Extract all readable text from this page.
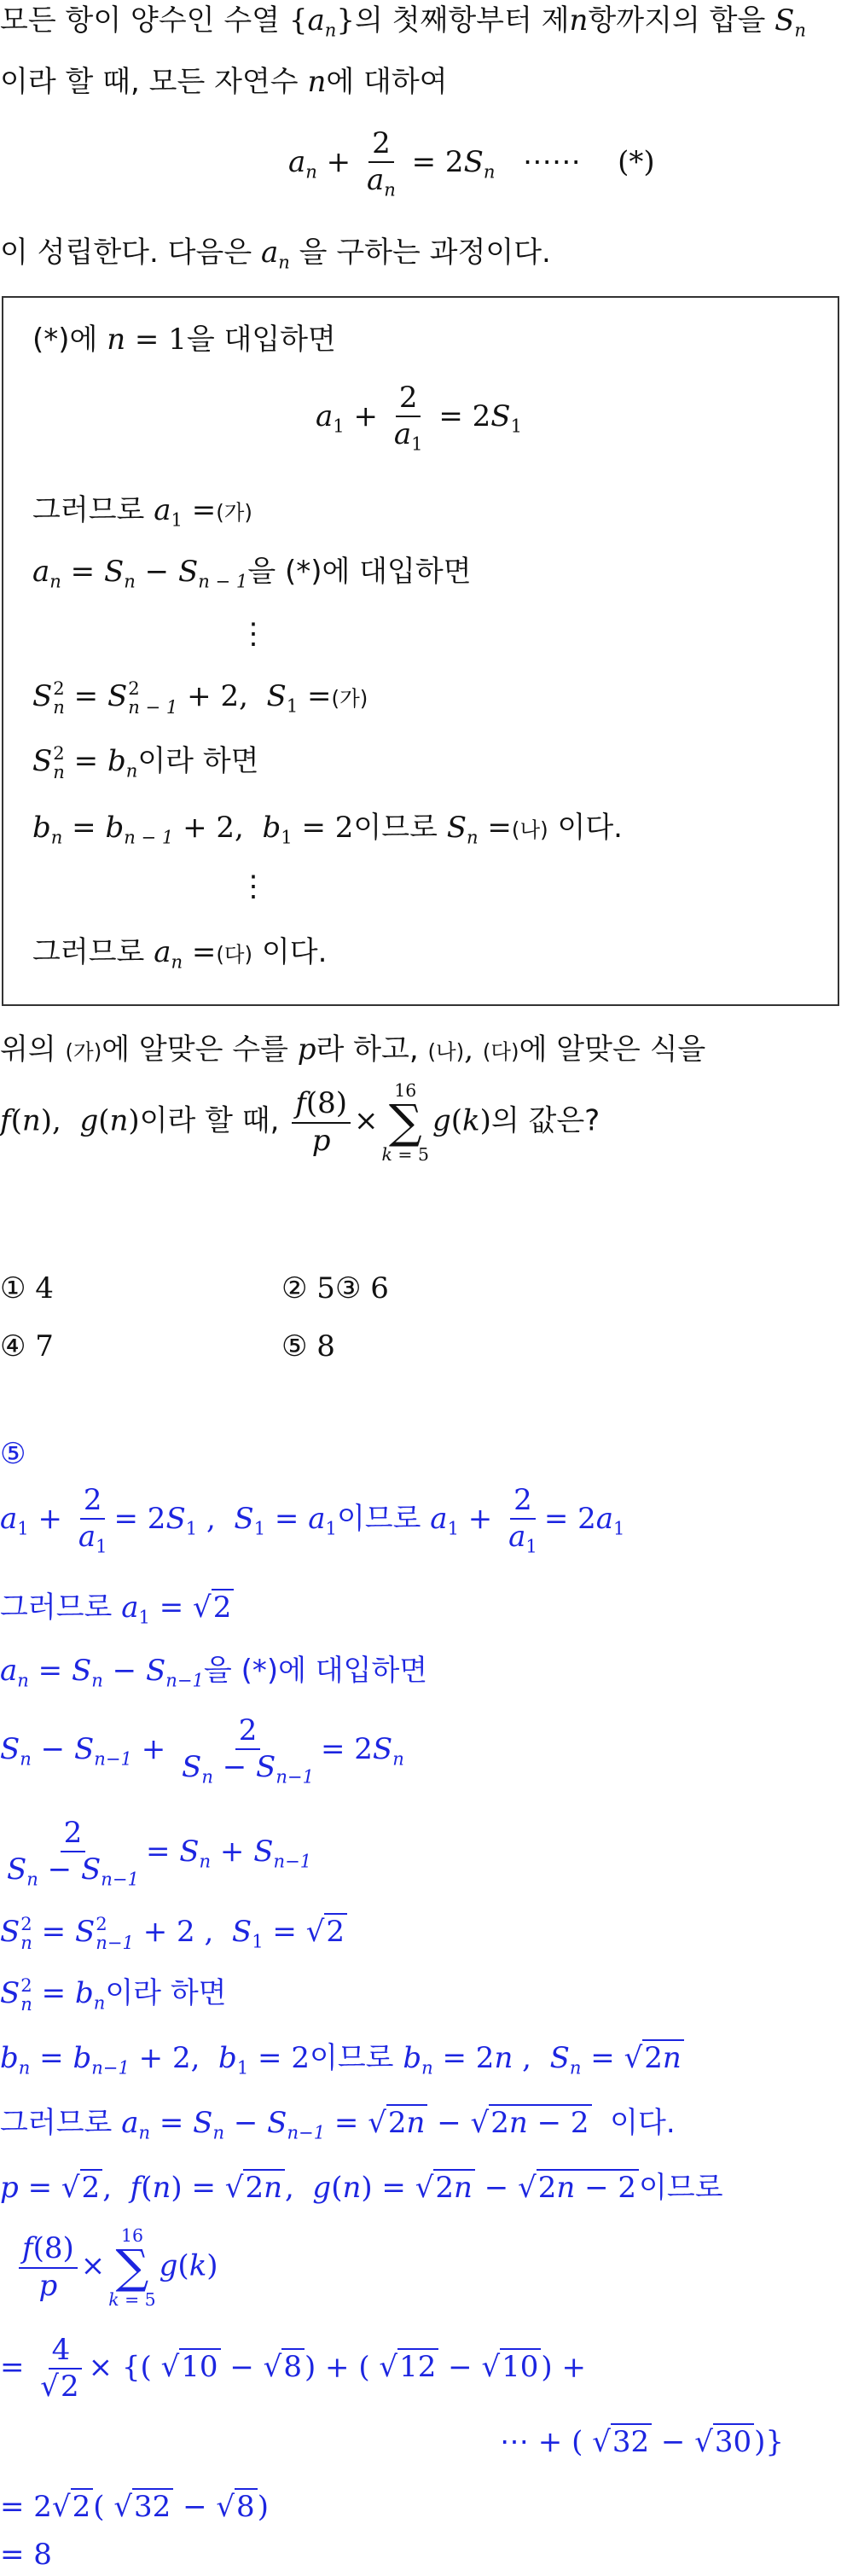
모든 항이 양수인 수열 $\{a_n\}$의 첫째항부터 제n항까지의 합을 $S_n$
이라 할 때, 모든 자연수 n에 대하여
$a_n + \frac{2}{a_n} = 2S_n$ ⋯⋯ (*)
이 성립한다. 다음은 $a_n$ 을 구하는 과정이다.
(*)에 n = 1을 대입하면
$a_1 + \frac{2}{a_1} = 2S_1$
그러므로 $a_1$ =(가)
$a_n = S_n - S_{n - 1}$을 (*)에 대입하면
⋮
S 2
n = S 2
n − 1 + 2, $S_1$ =(가)
S 2
$n = b_n$이라 하면
$b_n = b_{n - 1} + 2$,  $b_1 = 2$이므로 $S_n$ =(나) 이다.
⋮
그러므로 $a_n$ =(다) 이다.
위의 (가)에 알맞은 수를 p라 하고, (나), (다)에 알맞은 식을
f(n),  g(n)이라 할 때, $\frac{f(8)}{p}$ ×
16
∑
k = 5
g(k)의 값은?
① 4	② 5③ 6
④ 7	⑤ 8
⑤
$a_1 + \frac{2}{a_1} = 2S_1$ ,  $S_1 = a_1$이므로 $a_1 + \frac{2}{a_1} = 2a_1$
그러므로 $a_1 = √2$
$a_n = S_n - S_{n-1}$을 (*)에 대입하면
$S_n - S_{n-1} + \frac{2}{S_n - S_{n-1}} = 2S_n$
$\frac{2}{S_n - S_{n-1}} = S_n + S_{n-1}$
S 2
n = S 2
n−1 + 2 ,  $S_1 = √2$
S 2
$n = b_n$이라 하면
$b_n = b_{n-1} + 2$,  $b_1 = 2$이므로 $b_n = 2n$ ,  $S_n = √2n$
그러므로 $a_n = S_n - S_{n-1} = √2n - √2n - 2$ 이다.
p = √2,  f(n) = √2n,  g(n) = √2n − √2n − 2이므로
$\frac{f(8)}{p}$ ×
16
∑
k = 5
g(k)
= $\frac{4}{√2}$ × {( √10 − √8) + ( √12 − √10) +
⋯ + ( √32 − √30)}
= 2√2( √32 − √8)
= 8
